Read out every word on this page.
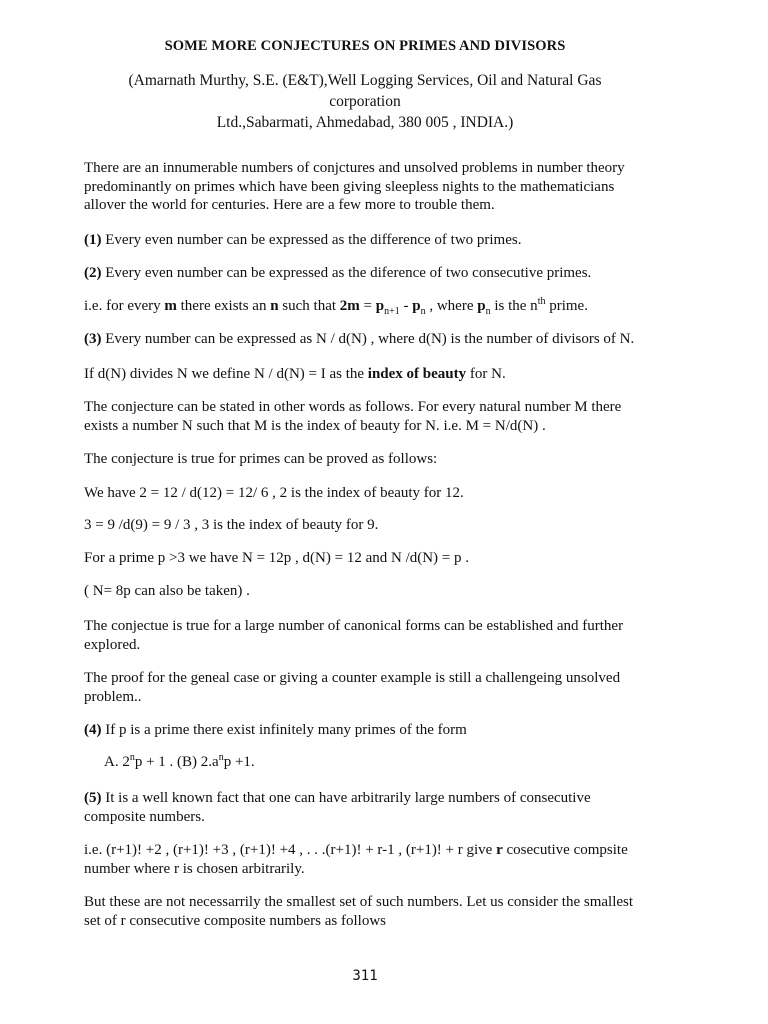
SOME MORE CONJECTURES ON PRIMES AND DIVISORS
(Amarnath Murthy, S.E. (E&T),Well Logging Services, Oil and Natural Gas corporation
Ltd.,Sabarmati, Ahmedabad, 380 005 , INDIA.)

There are an innumerable numbers of conjctures and unsolved problems in number theory predominantly on primes which have been giving sleepless nights to the mathematicians allover the world for centuries. Here are a few more to trouble them.

(1) Every even number can be expressed as the difference of two primes.

(2) Every even number can be expressed as the diference of two consecutive primes.

i.e. for every m there exists an n such that $2m = p_{n+1} - p_n$ , where $p_n$ is the $n^{th}$ prime.

(3) Every number can be expressed as N / d(N) , where d(N) is the number of divisors of N.

If d(N) divides N we define N / d(N) = I as the index of beauty for N.

The conjecture can be stated in other words as follows. For every natural number M there exists a number N such that M is the index of beauty for N. i.e. M = N/d(N) .

The conjecture is true for primes can be proved as follows:

We have 2 = 12 / d(12) = 12/ 6 , 2 is the index of beauty for 12.

3 = 9 /d(9) = 9 / 3 , 3 is the index of beauty for 9.

For a prime p >3 we have N = 12p , d(N) = 12 and N /d(N) = p .

( N= 8p can also be taken) .

The conjectue is true for a large number of canonical forms can be established and further explored.

The proof for the geneal case or giving a counter example is still a challengeing unsolved problem..

(4) If p is a prime there exist infinitely many primes of the form

A. $2^np + 1$ . (B) $2.a^np +1$.

(5) It is a well known fact that one can have arbitrarily large numbers of consecutive composite numbers.

i.e. (r+1)! +2 , (r+1)! +3 , (r+1)! +4 , . . .(r+1)! + r-1 , (r+1)! + r give r cosecutive compsite number where r is chosen arbitrarily.

But these are not necessarrily the smallest set of such numbers. Let us consider the smallest set of r consecutive composite numbers as follows

311
